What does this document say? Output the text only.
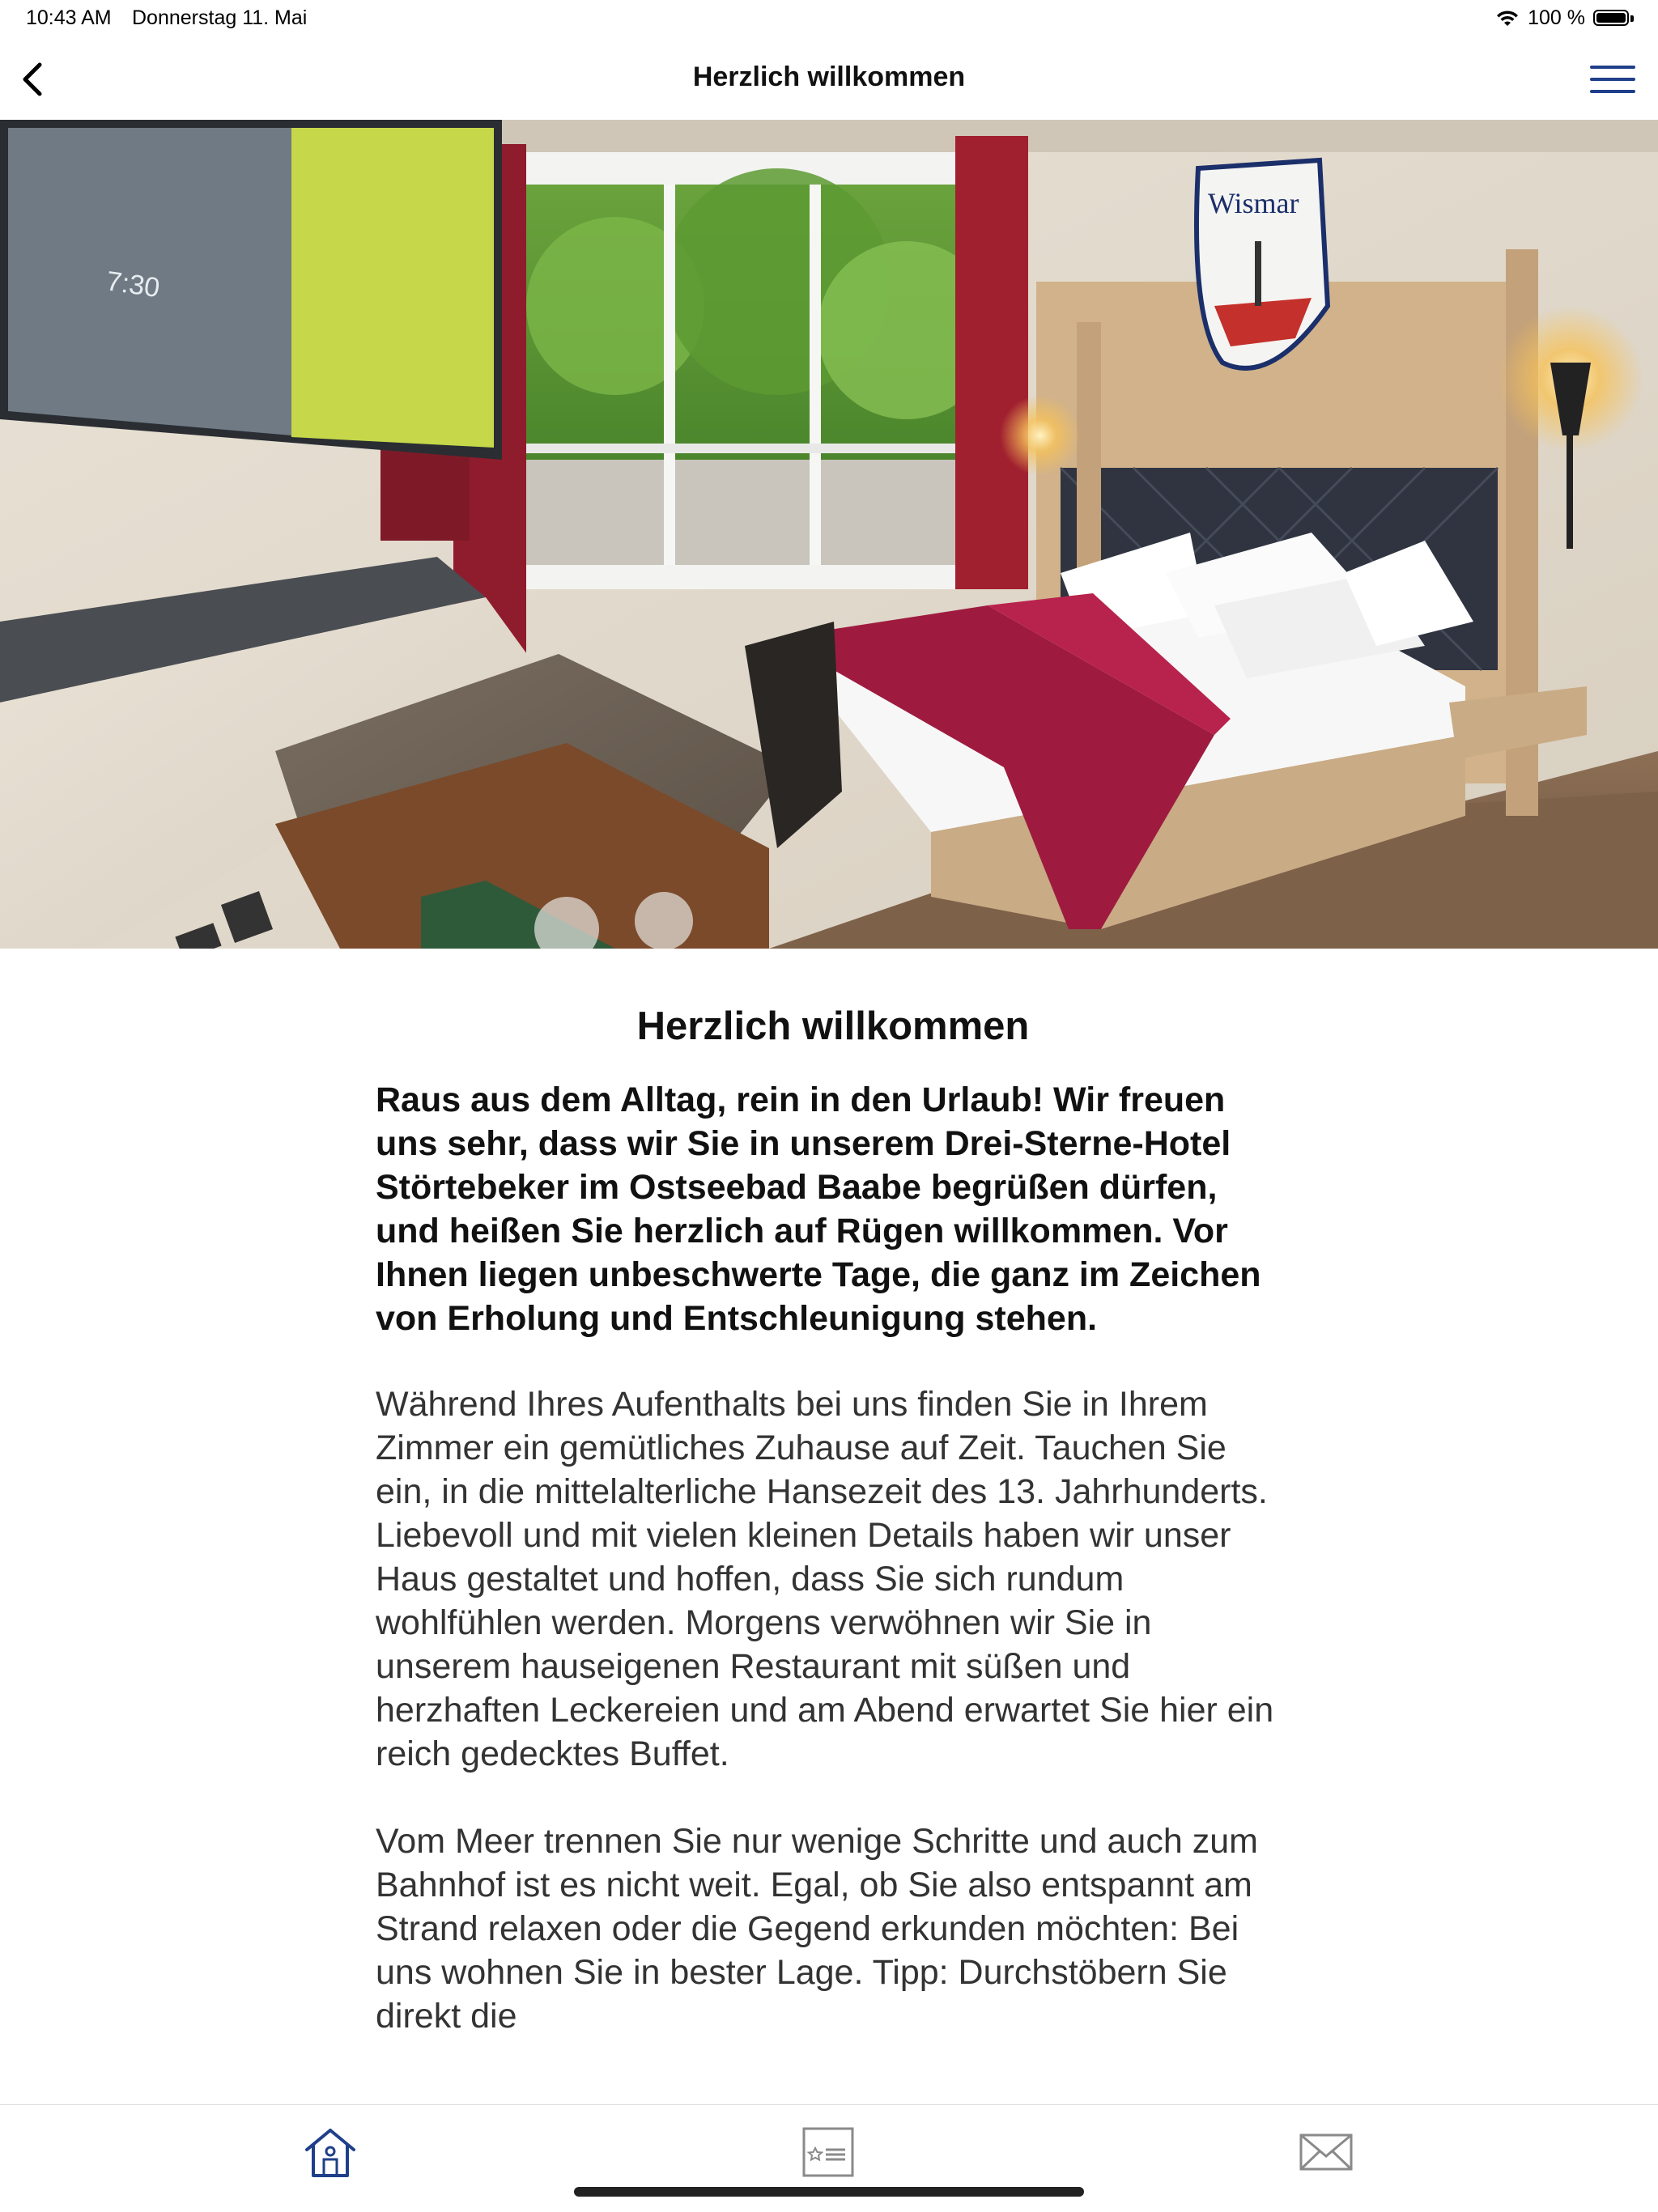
10:43 AM Donnerstag 11. Mai	100 %
Herzlich willkommen
7:30
Wismar
Herzlich willkommen

Raus aus dem Alltag, rein in den Urlaub! Wir freuen uns sehr, dass wir Sie in unserem Drei-Sterne-Hotel Störtebeker im Ostseebad Baabe begrüßen dürfen, und heißen Sie herzlich auf Rügen willkommen. Vor Ihnen liegen unbeschwerte Tage, die ganz im Zeichen von Erholung und Entschleunigung stehen.

Während Ihres Aufenthalts bei uns finden Sie in Ihrem Zimmer ein gemütliches Zuhause auf Zeit. Tauchen Sie ein, in die mittelalterliche Hansezeit des 13. Jahrhunderts. Liebevoll und mit vielen kleinen Details haben wir unser Haus gestaltet und hoffen, dass Sie sich rundum wohlfühlen werden. Morgens verwöhnen wir Sie in unserem hauseigenen Restaurant mit süßen und herzhaften Leckereien und am Abend erwartet Sie hier ein reich gedecktes Buffet.

Vom Meer trennen Sie nur wenige Schritte und auch zum Bahnhof ist es nicht weit. Egal, ob Sie also entspannt am Strand relaxen oder die Gegend erkunden möchten: Bei uns wohnen Sie in bester Lage. Tipp: Durchstöbern Sie direkt die
